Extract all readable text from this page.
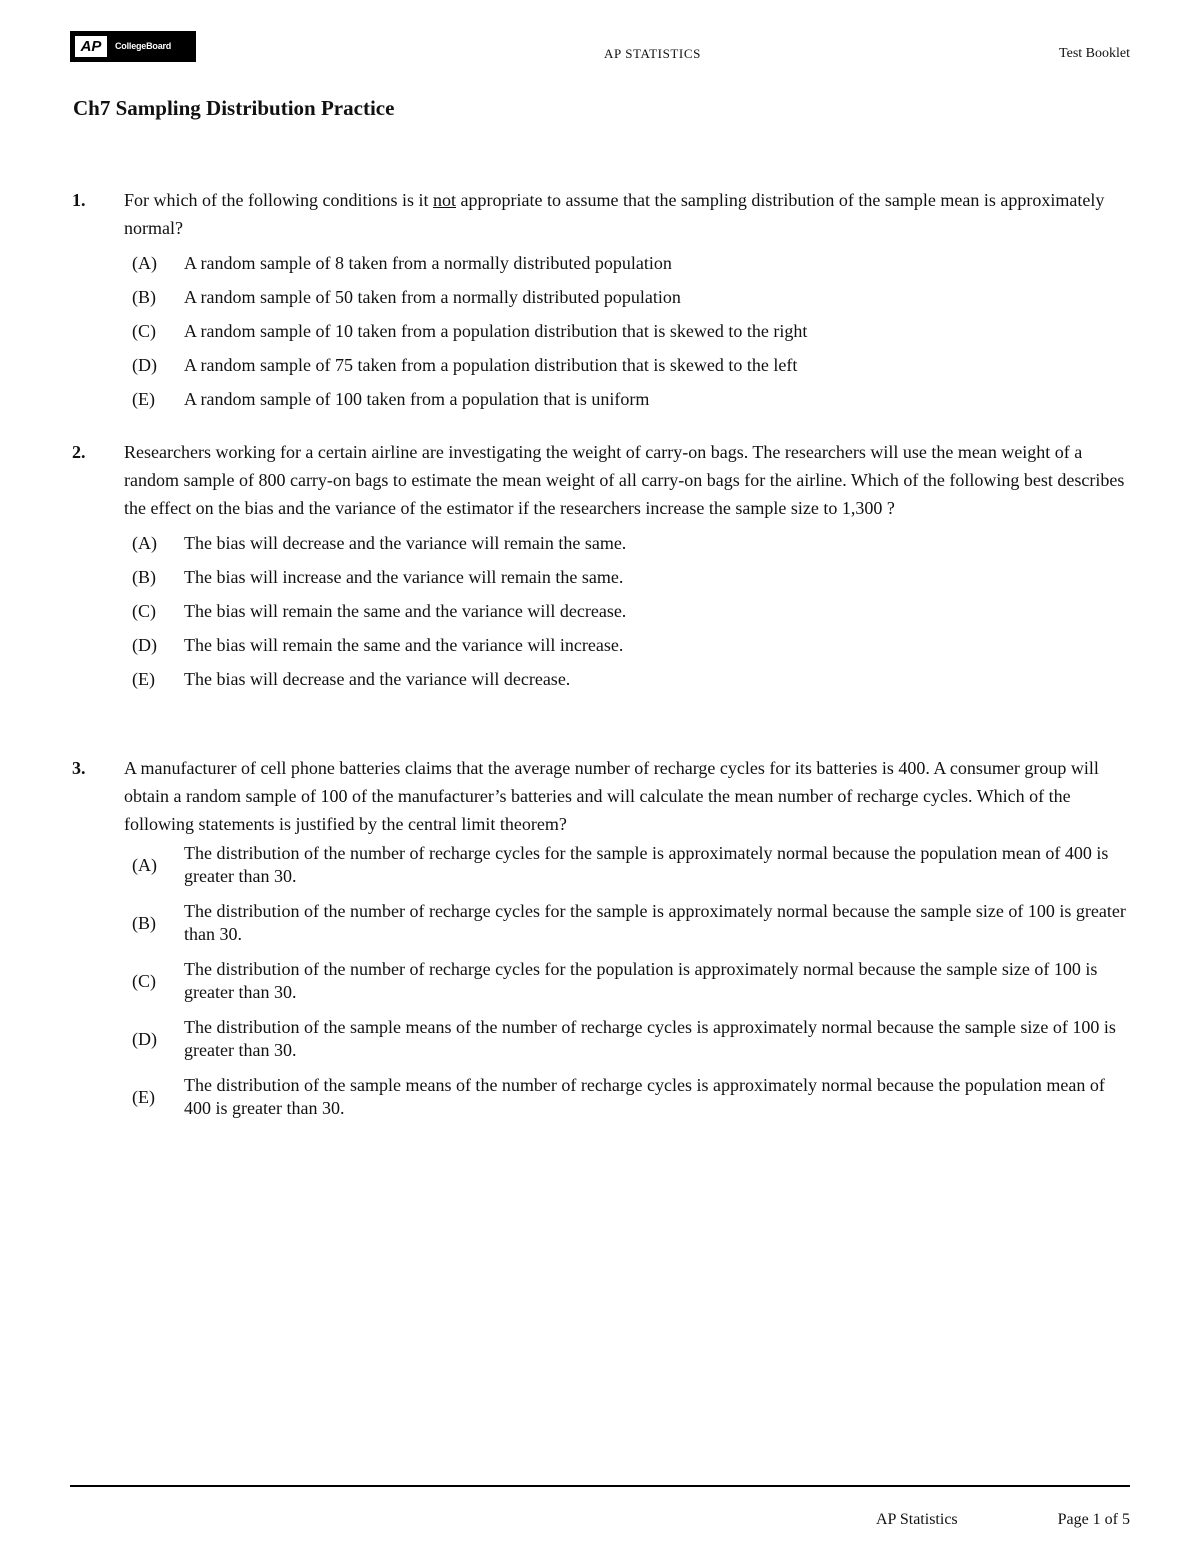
AP	CollegeBoard	AP STATISTICS	Test Booklet
Ch7 Sampling Distribution Practice
1. For which of the following conditions is it not appropriate to assume that the sampling distribution of the sample mean is approximately normal?
(A) A random sample of 8 taken from a normally distributed population
(B) A random sample of 50 taken from a normally distributed population
(C) A random sample of 10 taken from a population distribution that is skewed to the right
(D) A random sample of 75 taken from a population distribution that is skewed to the left
(E) A random sample of 100 taken from a population that is uniform
2. Researchers working for a certain airline are investigating the weight of carry-on bags. The researchers will use the mean weight of a random sample of 800 carry-on bags to estimate the mean weight of all carry-on bags for the airline. Which of the following best describes the effect on the bias and the variance of the estimator if the researchers increase the sample size to 1,300 ?
(A) The bias will decrease and the variance will remain the same.
(B) The bias will increase and the variance will remain the same.
(C) The bias will remain the same and the variance will decrease.
(D) The bias will remain the same and the variance will increase.
(E) The bias will decrease and the variance will decrease.
3. A manufacturer of cell phone batteries claims that the average number of recharge cycles for its batteries is 400. A consumer group will obtain a random sample of 100 of the manufacturer’s batteries and will calculate the mean number of recharge cycles. Which of the following statements is justified by the central limit theorem?
(A)
The distribution of the number of recharge cycles for the sample is approximately normal because the population mean of 400 is greater than 30.
(B)
The distribution of the number of recharge cycles for the sample is approximately normal because the sample size of 100 is greater than 30.
(C)
The distribution of the number of recharge cycles for the population is approximately normal because the sample size of 100 is greater than 30.
(D)
The distribution of the sample means of the number of recharge cycles is approximately normal because the sample size of 100 is greater than 30.
(E)
The distribution of the sample means of the number of recharge cycles is approximately normal because the population mean of 400 is greater than 30.
AP Statistics	Page 1 of 5
